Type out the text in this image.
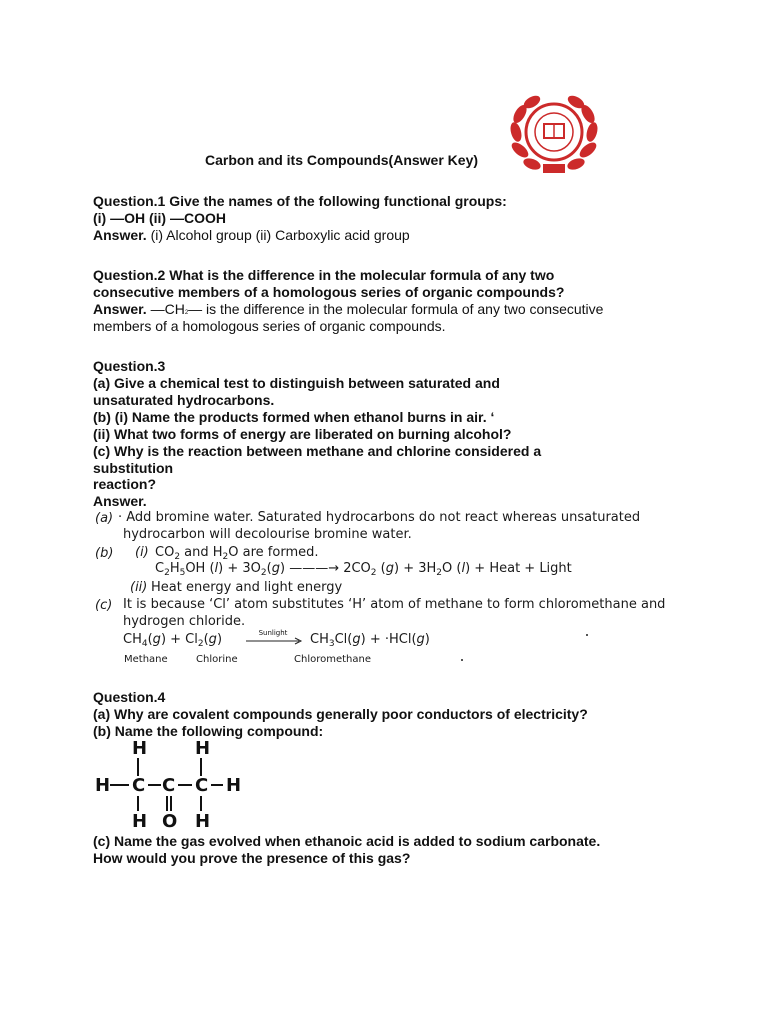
Carbon and its Compounds(Answer Key)
Question.1 Give the names of the following functional groups:
(i) —OH (ii) —COOH
Answer. (i) Alcohol group (ii) Carboxylic acid group
Question.2 What is the difference in the molecular formula of any two
consecutive members of a homologous series of organic compounds?
Answer. —CH2— is the difference in the molecular formula of any two consecutive
members of a homologous series of organic compounds.
Question.3
(a) Give a chemical test to distinguish between saturated and
unsaturated hydrocarbons.
(b) (i) Name the products formed when ethanol burns in air. ‘
(ii) What two forms of energy are liberated on burning alcohol?
(c) Why is the reaction between methane and chlorine considered a
substitution
reaction?
Answer.
(a) · Add bromine water. Saturated hydrocarbons do not react whereas unsaturated
hydrocarbon will decolourise bromine water.
(b) (i) $CO_2$ and $H_2O$ are formed.
$C_2H_5OH$ $(l) + 3O_2(g)$ ———→ $2CO_2$ $(g) + 3H_2O$ (l) + Heat + Light
(ii) Heat energy and light energy
(c) It is because ‘Cl’ atom substitutes ‘H’ atom of methane to form chloromethane and
hydrogen chloride.
$CH_4(g) + Cl_2(g)$	Sunlight → $CH_3Cl(g) + \cdot HCl(g)$
Methane	Chlorine	Chloromethane
Question.4
(a) Why are covalent compounds generally poor conductors of electricity?
(b) Name the following compound:
H	H
H C C C H
H O H
(c) Name the gas evolved when ethanoic acid is added to sodium carbonate.
How would you prove the presence of this gas?
